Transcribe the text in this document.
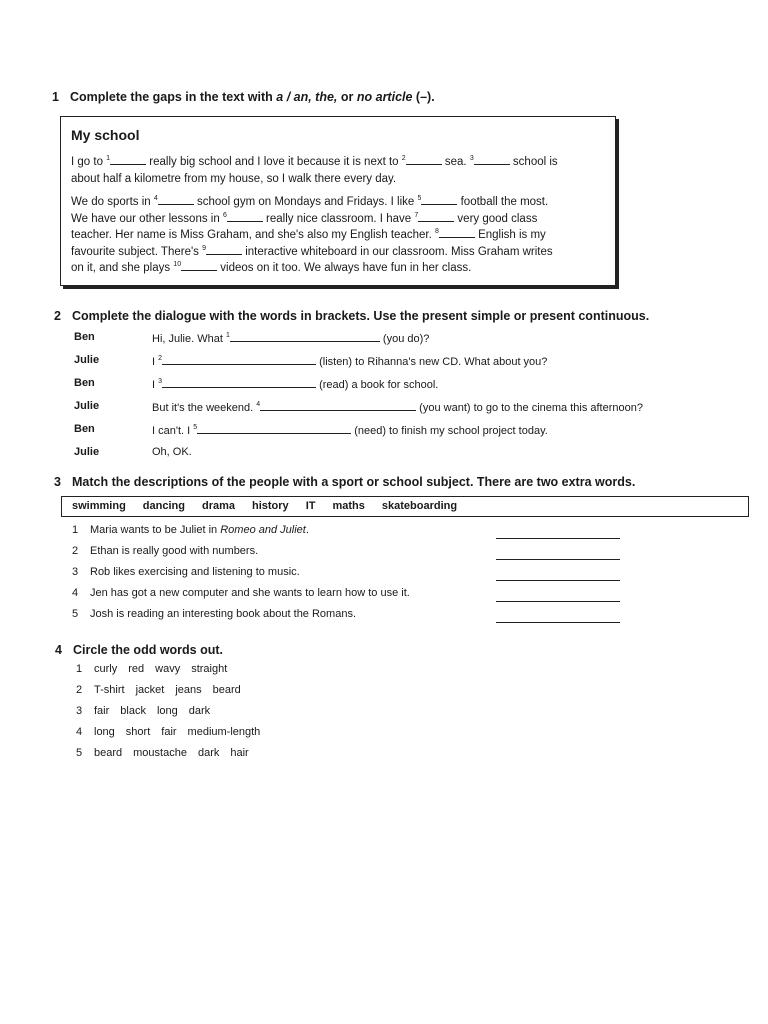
1 Complete the gaps in the text with a / an, the, or no article (–).
My school
I go to $^1$	really big school and I love it because it is next to $^2$	sea. $^3$	school is
about half a kilometre from my house, so I walk there every day.
We do sports in $^4$	school gym on Mondays and Fridays. I like $^5$	football the most.
We have our other lessons in $^6$	really nice classroom. I have $^7$	very good class
teacher. Her name is Miss Graham, and she's also my English teacher. $^8$	English is my
favourite subject. There's $^9$	interactive whiteboard in our classroom. Miss Graham writes
on it, and she plays $^{10}$	videos on it too. We always have fun in her class.
2 Complete the dialogue with the words in brackets. Use the present simple or present continuous.
Ben	Hi, Julie. What $^1$	(you do)?
Julie	I $^2$	(listen) to Rihanna's new CD. What about you?
Ben	I $^3$	(read) a book for school.
Julie	But it's the weekend. $^4$	(you want) to go to the cinema this afternoon?
Ben	I can't. I $^5$	(need) to finish my school project today.
Julie	Oh, OK.
3 Match the descriptions of the people with a sport or school subject. There are two extra words.
swimming dancing drama history IT maths skateboarding
1 Maria wants to be Juliet in Romeo and Juliet.
2 Ethan is really good with numbers.
3 Rob likes exercising and listening to music.
4 Jen has got a new computer and she wants to learn how to use it.
5 Josh is reading an interesting book about the Romans.
4 Circle the odd words out.
1 curly red wavy straight
2 T-shirt jacket jeans beard
3 fair black long dark
4 long short fair medium-length
5 beard moustache dark hair
